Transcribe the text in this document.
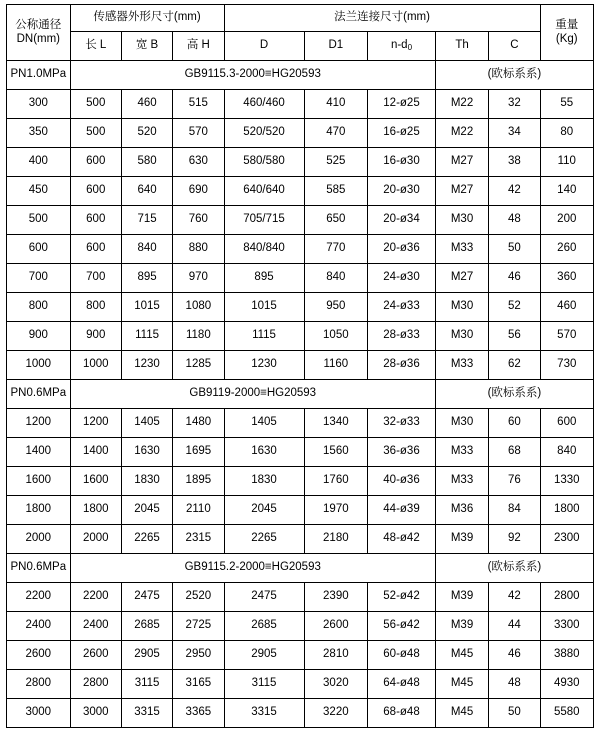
公称通径
DN(mm)	传感器外形尺寸(mm)			法兰连接尺寸(mm)					重量
(Kg)

	长 L	宽 B	高 H	D	D1	$n-d_0$	Th	C	
PN1.0MPa	GB9115.3-2000≡HG20593						(欧标系系)		
300	500	460	515	460/460	410	12-ø25	M22	32	55
350	500	520	570	520/520	470	16-ø25	M22	34	80
400	600	580	630	580/580	525	16-ø30	M27	38	110
450	600	640	690	640/640	585	20-ø30	M27	42	140
500	600	715	760	705/715	650	20-ø34	M30	48	200
600	600	840	880	840/840	770	20-ø36	M33	50	260
700	700	895	970	895	840	24-ø30	M27	46	360
800	800	1015	1080	1015	950	24-ø33	M30	52	460
900	900	1115	1180	1115	1050	28-ø33	M30	56	570
1000	1000	1230	1285	1230	1160	28-ø36	M33	62	730
PN0.6MPa	GB9119-2000≡HG20593						(欧标系系)		
1200	1200	1405	1480	1405	1340	32-ø33	M30	60	600
1400	1400	1630	1695	1630	1560	36-ø36	M33	68	840
1600	1600	1830	1895	1830	1760	40-ø36	M33	76	1330
1800	1800	2045	2110	2045	1970	44-ø39	M36	84	1800
2000	2000	2265	2315	2265	2180	48-ø42	M39	92	2300
PN0.6MPa	GB9115.2-2000≡HG20593						(欧标系系)		
2200	2200	2475	2520	2475	2390	52-ø42	M39	42	2800
2400	2400	2685	2725	2685	2600	56-ø42	M39	44	3300
2600	2600	2905	2950	2905	2810	60-ø48	M45	46	3880
2800	2800	3115	3165	3115	3020	64-ø48	M45	48	4930
3000	3000	3315	3365	3315	3220	68-ø48	M45	50	5580
